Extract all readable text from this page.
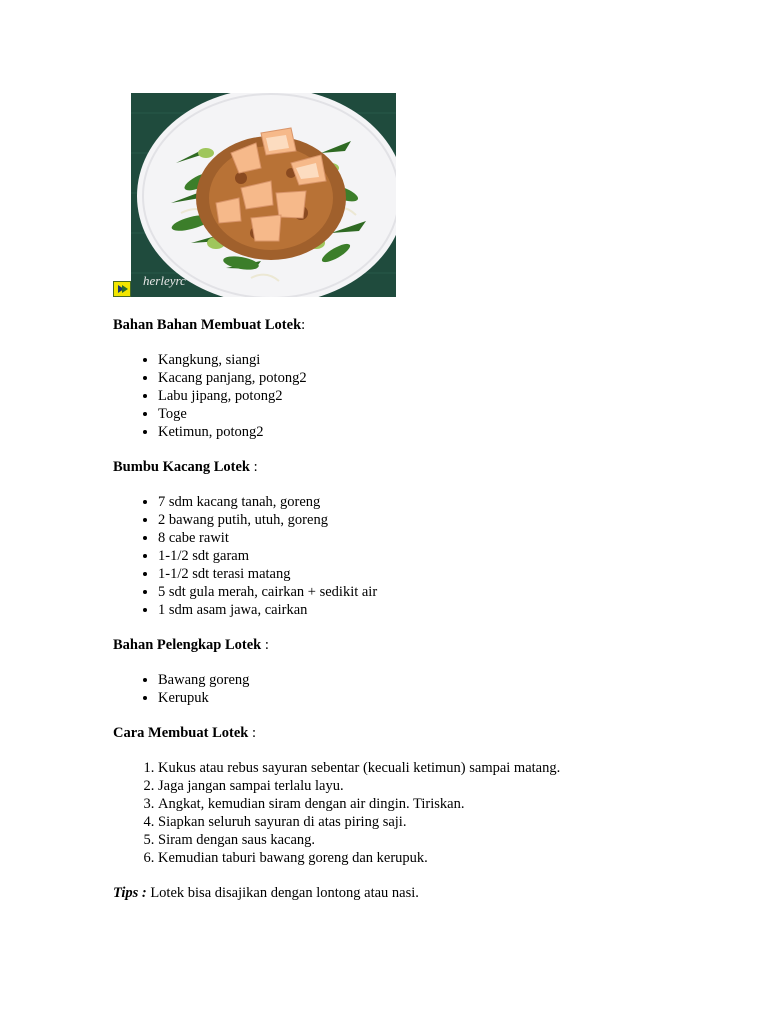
herleyrc

Bahan Bahan Membuat Lotek:

• Kangkung, siangi
• Kacang panjang, potong2
• Labu jipang, potong2
• Toge
• Ketimun, potong2

Bumbu Kacang Lotek :

• 7 sdm kacang tanah, goreng
• 2 bawang putih, utuh, goreng
• 8 cabe rawit
• 1-1/2 sdt garam
• 1-1/2 sdt terasi matang
• 5 sdt gula merah, cairkan + sedikit air
• 1 sdm asam jawa, cairkan

Bahan Pelengkap Lotek :

• Bawang goreng
• Kerupuk

Cara Membuat Lotek :

1. Kukus atau rebus sayuran sebentar (kecuali ketimun) sampai matang.
2. Jaga jangan sampai terlalu layu.
3. Angkat, kemudian siram dengan air dingin. Tiriskan.
4. Siapkan seluruh sayuran di atas piring saji.
5. Siram dengan saus kacang.
6. Kemudian taburi bawang goreng dan kerupuk.

Tips : Lotek bisa disajikan dengan lontong atau nasi.
